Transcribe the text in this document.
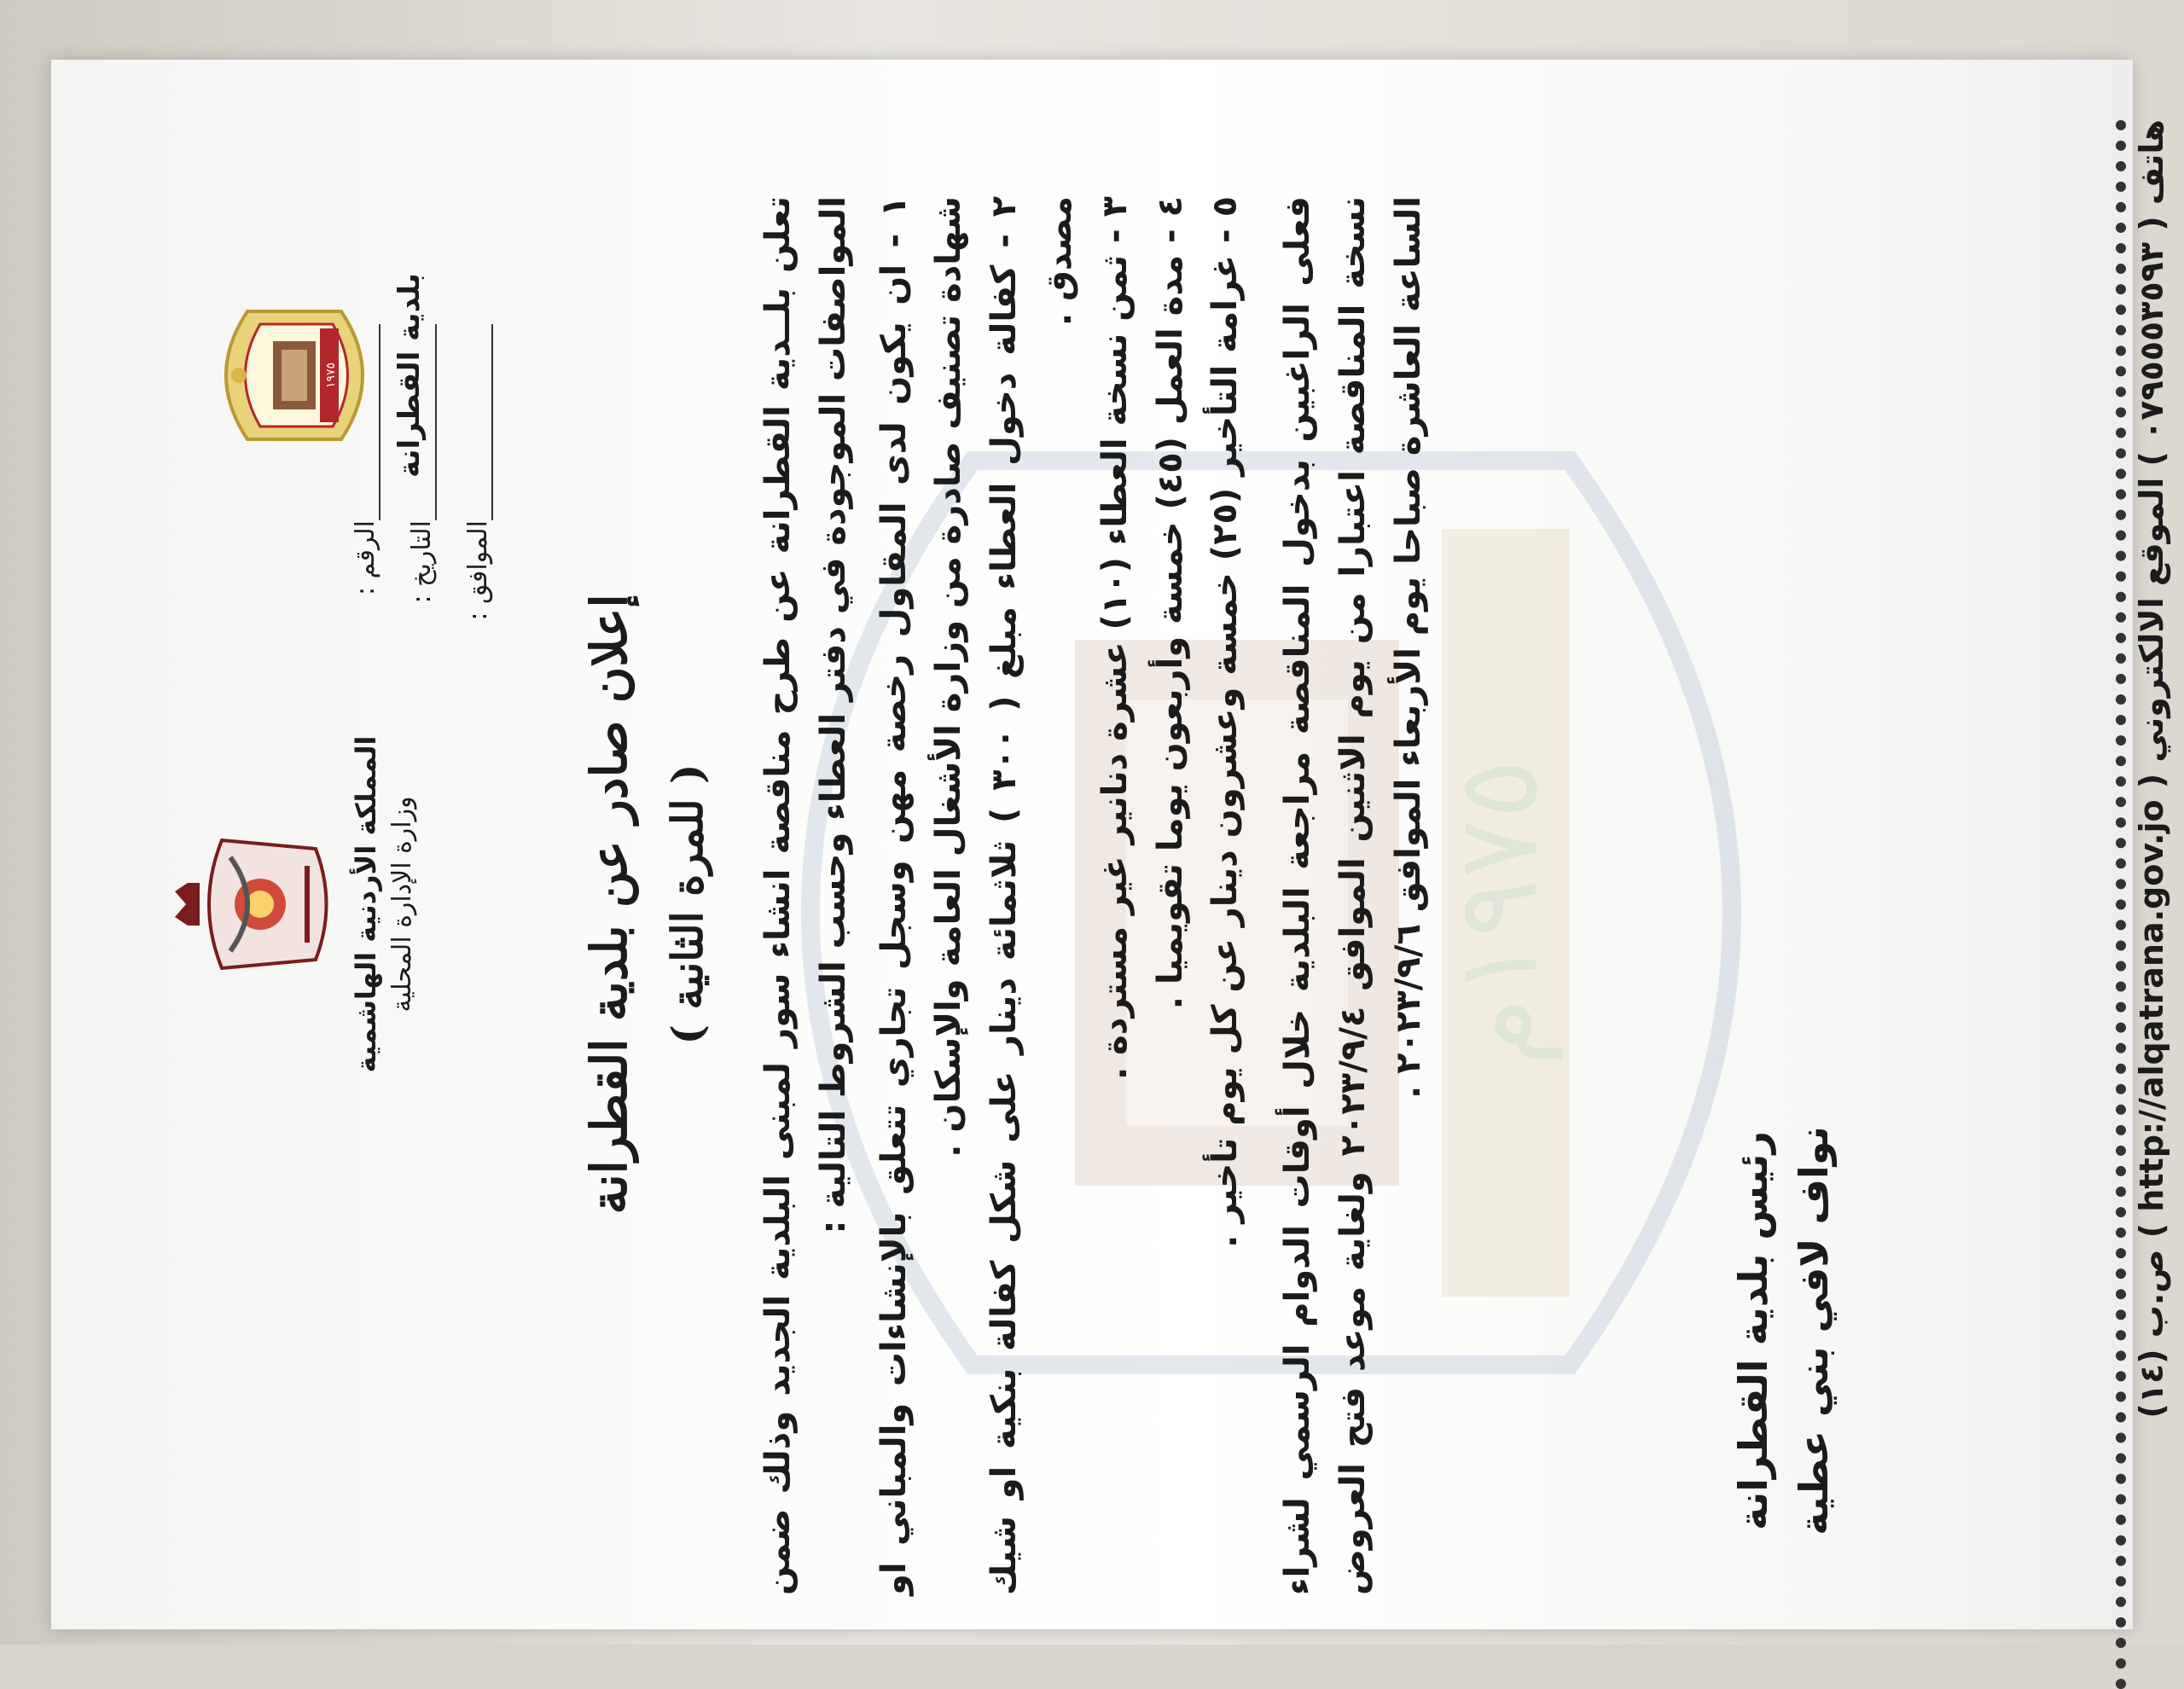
١٩٧٥ بلدية القطرانة
المملكة الأردنية الهاشمية وزارة الإدارة المحلية
الرقم : التاريخ : الموافق :
١٩٧٥م
إعلان صادر عن بلدية القطرانة ( للمرة الثانية ) تعلن بلــدية القطرانة عن طرح مناقصة انشاء سور لمبنى البلدية الجديد وذلك ضمن المواصفات الموجودة في دفتر العطاء وحسب الشروط التالية : ١ - ان يكون لدى المقاول رخصة مهن وسجل تجاري تتعلق بالإنشاءات والمباني او شهادة تصنيف صادرة من وزارة الأشغال العامة والإسكان .

٢ - كفالة دخول العطاء مبلغ ( ٣٠٠ ) ثلاثمائة دينار على شكل كفالة بنكية او شيك مصدق .

٣ - ثمن نسخة العطاء (١٠) عشرة دنانير غير مستردة .

٤ - مدة العمل (٤٥) خمسة وأربعون يوما تقويميا .

٥ - غرامة التأخير (٢٥) خمسة وعشرون دينار عن كل يوم تأخير . فعلى الراغبين بدخول المناقصة مراجعة البلدية خلال أوقات الدوام الرسمي لشراء نسخة المناقصة اعتبارا من يوم الاثنين الموافق ٢٠٢٣/٩/٤ ولغاية موعد فتح العروض الساعة العاشرة صباحا يوم الأربعاء الموافق ٢٠٢٣/٩/٦ .

رئيس بلدية القطرانة نواف لافي بني عطية	هاتف ( ٠٧٩٥٥٥٣٥٩٣ ) الموقع الالكتروني ( http://alqatrana.gov.jo ) ص.ب (١٤)
